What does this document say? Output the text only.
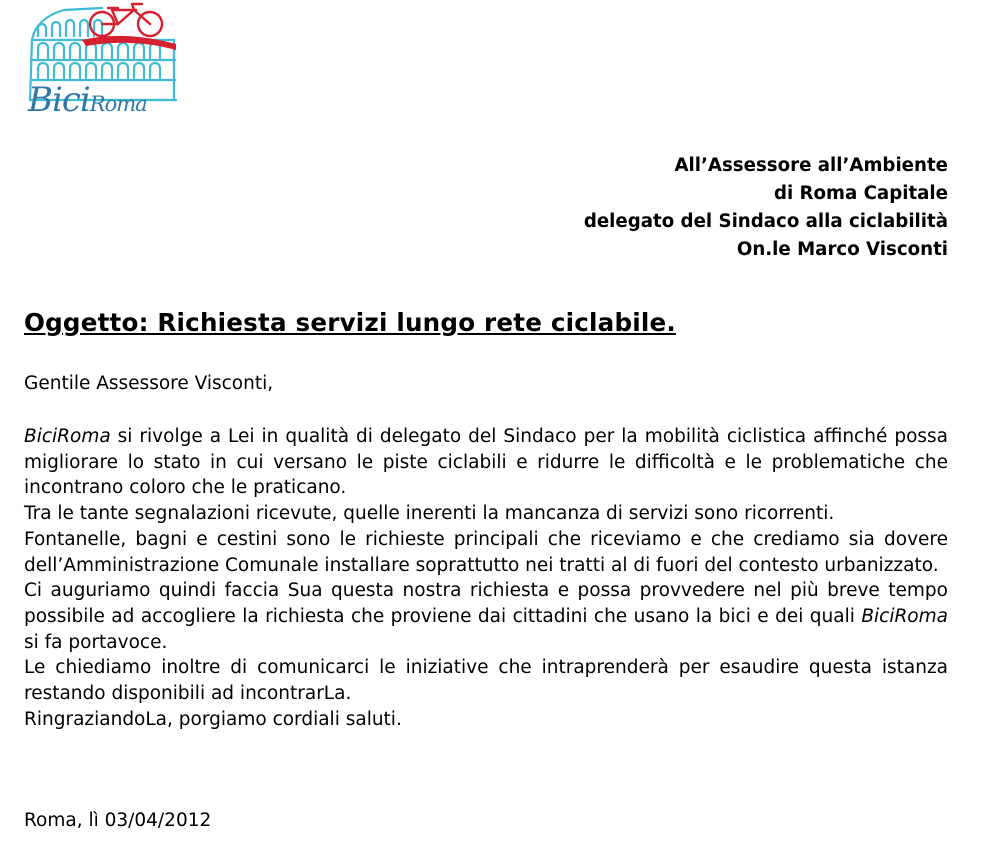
BiciRoma
All’Assessore all’Ambiente
di Roma Capitale
delegato del Sindaco alla ciclabilità
On.le Marco Visconti
Oggetto: Richiesta servizi lungo rete ciclabile.
Gentile Assessore Visconti,

BiciRoma si rivolge a Lei in qualità di delegato del Sindaco per la mobilità ciclistica affinché possa migliorare lo stato in cui versano le piste ciclabili e ridurre le difficoltà e le problematiche che incontrano coloro che le praticano.

Tra le tante segnalazioni ricevute, quelle inerenti la mancanza di servizi sono ricorrenti.

Fontanelle, bagni e cestini sono le richieste principali che riceviamo e che crediamo sia dovere dell’Amministrazione Comunale installare soprattutto nei tratti al di fuori del contesto urbanizzato.

Ci auguriamo quindi faccia Sua questa nostra richiesta e possa provvedere nel più breve tempo possibile ad accogliere la richiesta che proviene dai cittadini che usano la bici e dei quali BiciRoma si fa portavoce.

Le chiediamo inoltre di comunicarci le iniziative che intraprenderà per esaudire questa istanza restando disponibili ad incontrarLa.

RingraziandoLa, porgiamo cordiali saluti.

Roma, lì 03/04/2012
